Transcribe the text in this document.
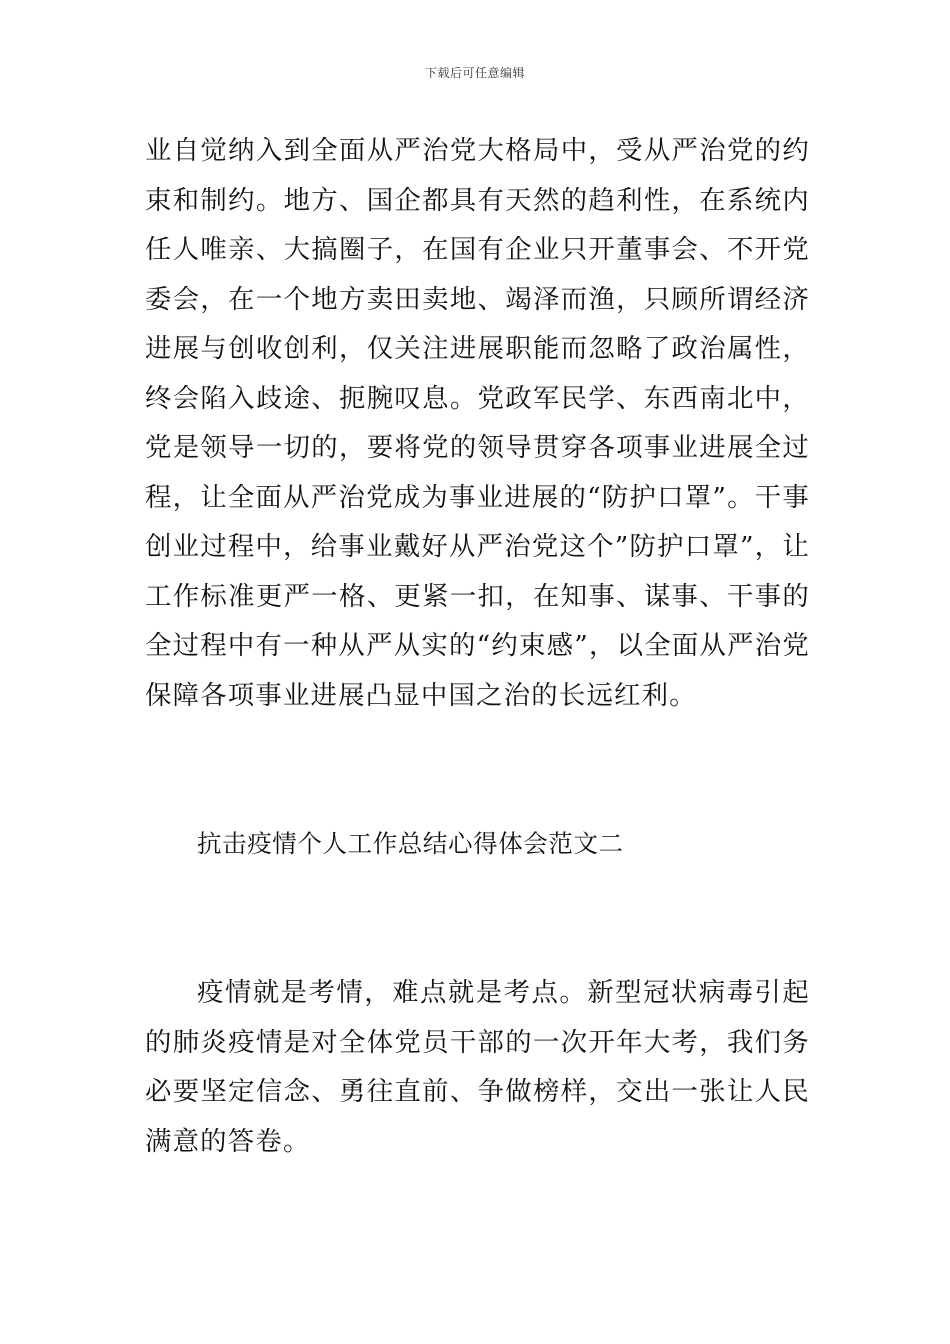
下载后可任意编辑

业自觉纳入到全面从严治党大格局中，受从严治党的约束和制约。地方、国企都具有天然的趋利性，在系统内任人唯亲、大搞圈子，在国有企业只开董事会、不开党委会，在一个地方卖田卖地、竭泽而渔，只顾所谓经济进展与创收创利，仅关注进展职能而忽略了政治属性，终会陷入歧途、扼腕叹息。党政军民学、东西南北中，党是领导一切的，要将党的领导贯穿各项事业进展全过程，让全面从严治党成为事业进展的“防护口罩”。干事创业过程中，给事业戴好从严治党这个”防护口罩”，让工作标准更严一格、更紧一扣，在知事、谋事、干事的全过程中有一种从严从实的“约束感”，以全面从严治党保障各项事业进展凸显中国之治的长远红利。

抗击疫情个人工作总结心得体会范文二

疫情就是考情，难点就是考点。新型冠状病毒引起的肺炎疫情是对全体党员干部的一次开年大考，我们务必要坚定信念、勇往直前、争做榜样，交出一张让人民满意的答卷。
